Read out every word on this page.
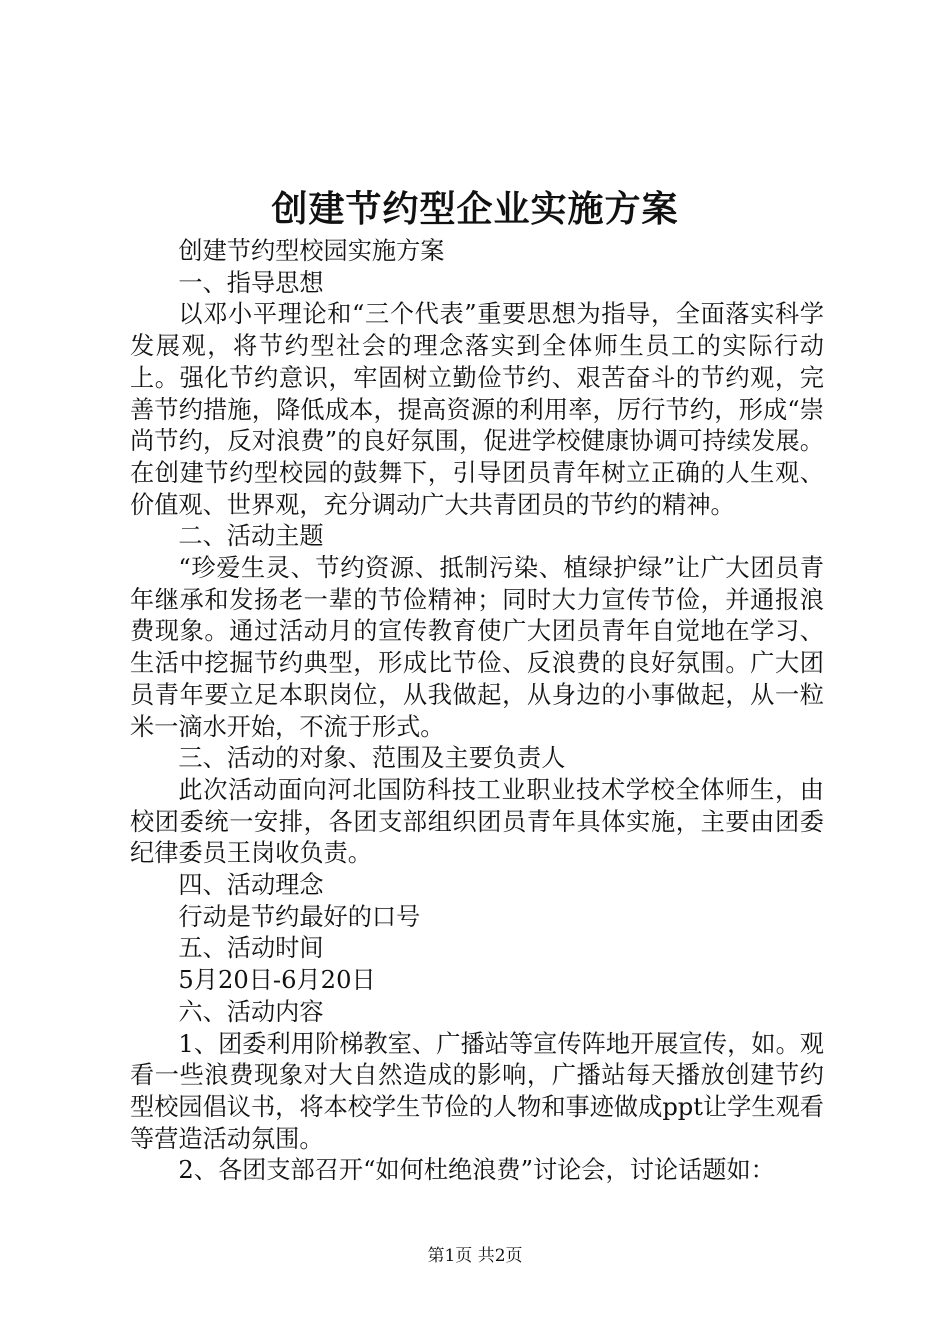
创建节约型企业实施方案

创建节约型校园实施方案

一、指导思想

以邓小平理论和“三个代表”重要思想为指导，全面落实科学发展观，将节约型社会的理念落实到全体师生员工的实际行动上。强化节约意识，牢固树立勤俭节约、艰苦奋斗的节约观，完善节约措施，降低成本，提高资源的利用率，厉行节约，形成“崇尚节约，反对浪费”的良好氛围，促进学校健康协调可持续发展。在创建节约型校园的鼓舞下，引导团员青年树立正确的人生观、价值观、世界观，充分调动广大共青团员的节约的精神。

二、活动主题

“珍爱生灵、节约资源、抵制污染、植绿护绿”让广大团员青年继承和发扬老一辈的节俭精神；同时大力宣传节俭，并通报浪费现象。通过活动月的宣传教育使广大团员青年自觉地在学习、生活中挖掘节约典型，形成比节俭、反浪费的良好氛围。广大团员青年要立足本职岗位，从我做起，从身边的小事做起，从一粒米一滴水开始，不流于形式。

三、活动的对象、范围及主要负责人

此次活动面向河北国防科技工业职业技术学校全体师生，由校团委统一安排，各团支部组织团员青年具体实施，主要由团委纪律委员王岗收负责。

四、活动理念

行动是节约最好的口号

五、活动时间

5月20日-6月20日

六、活动内容

1、团委利用阶梯教室、广播站等宣传阵地开展宣传，如。观看一些浪费现象对大自然造成的影响，广播站每天播放创建节约型校园倡议书，将本校学生节俭的人物和事迹做成ppt让学生观看等营造活动氛围。

2、各团支部召开“如何杜绝浪费”讨论会，讨论话题如：

第1页 共2页
